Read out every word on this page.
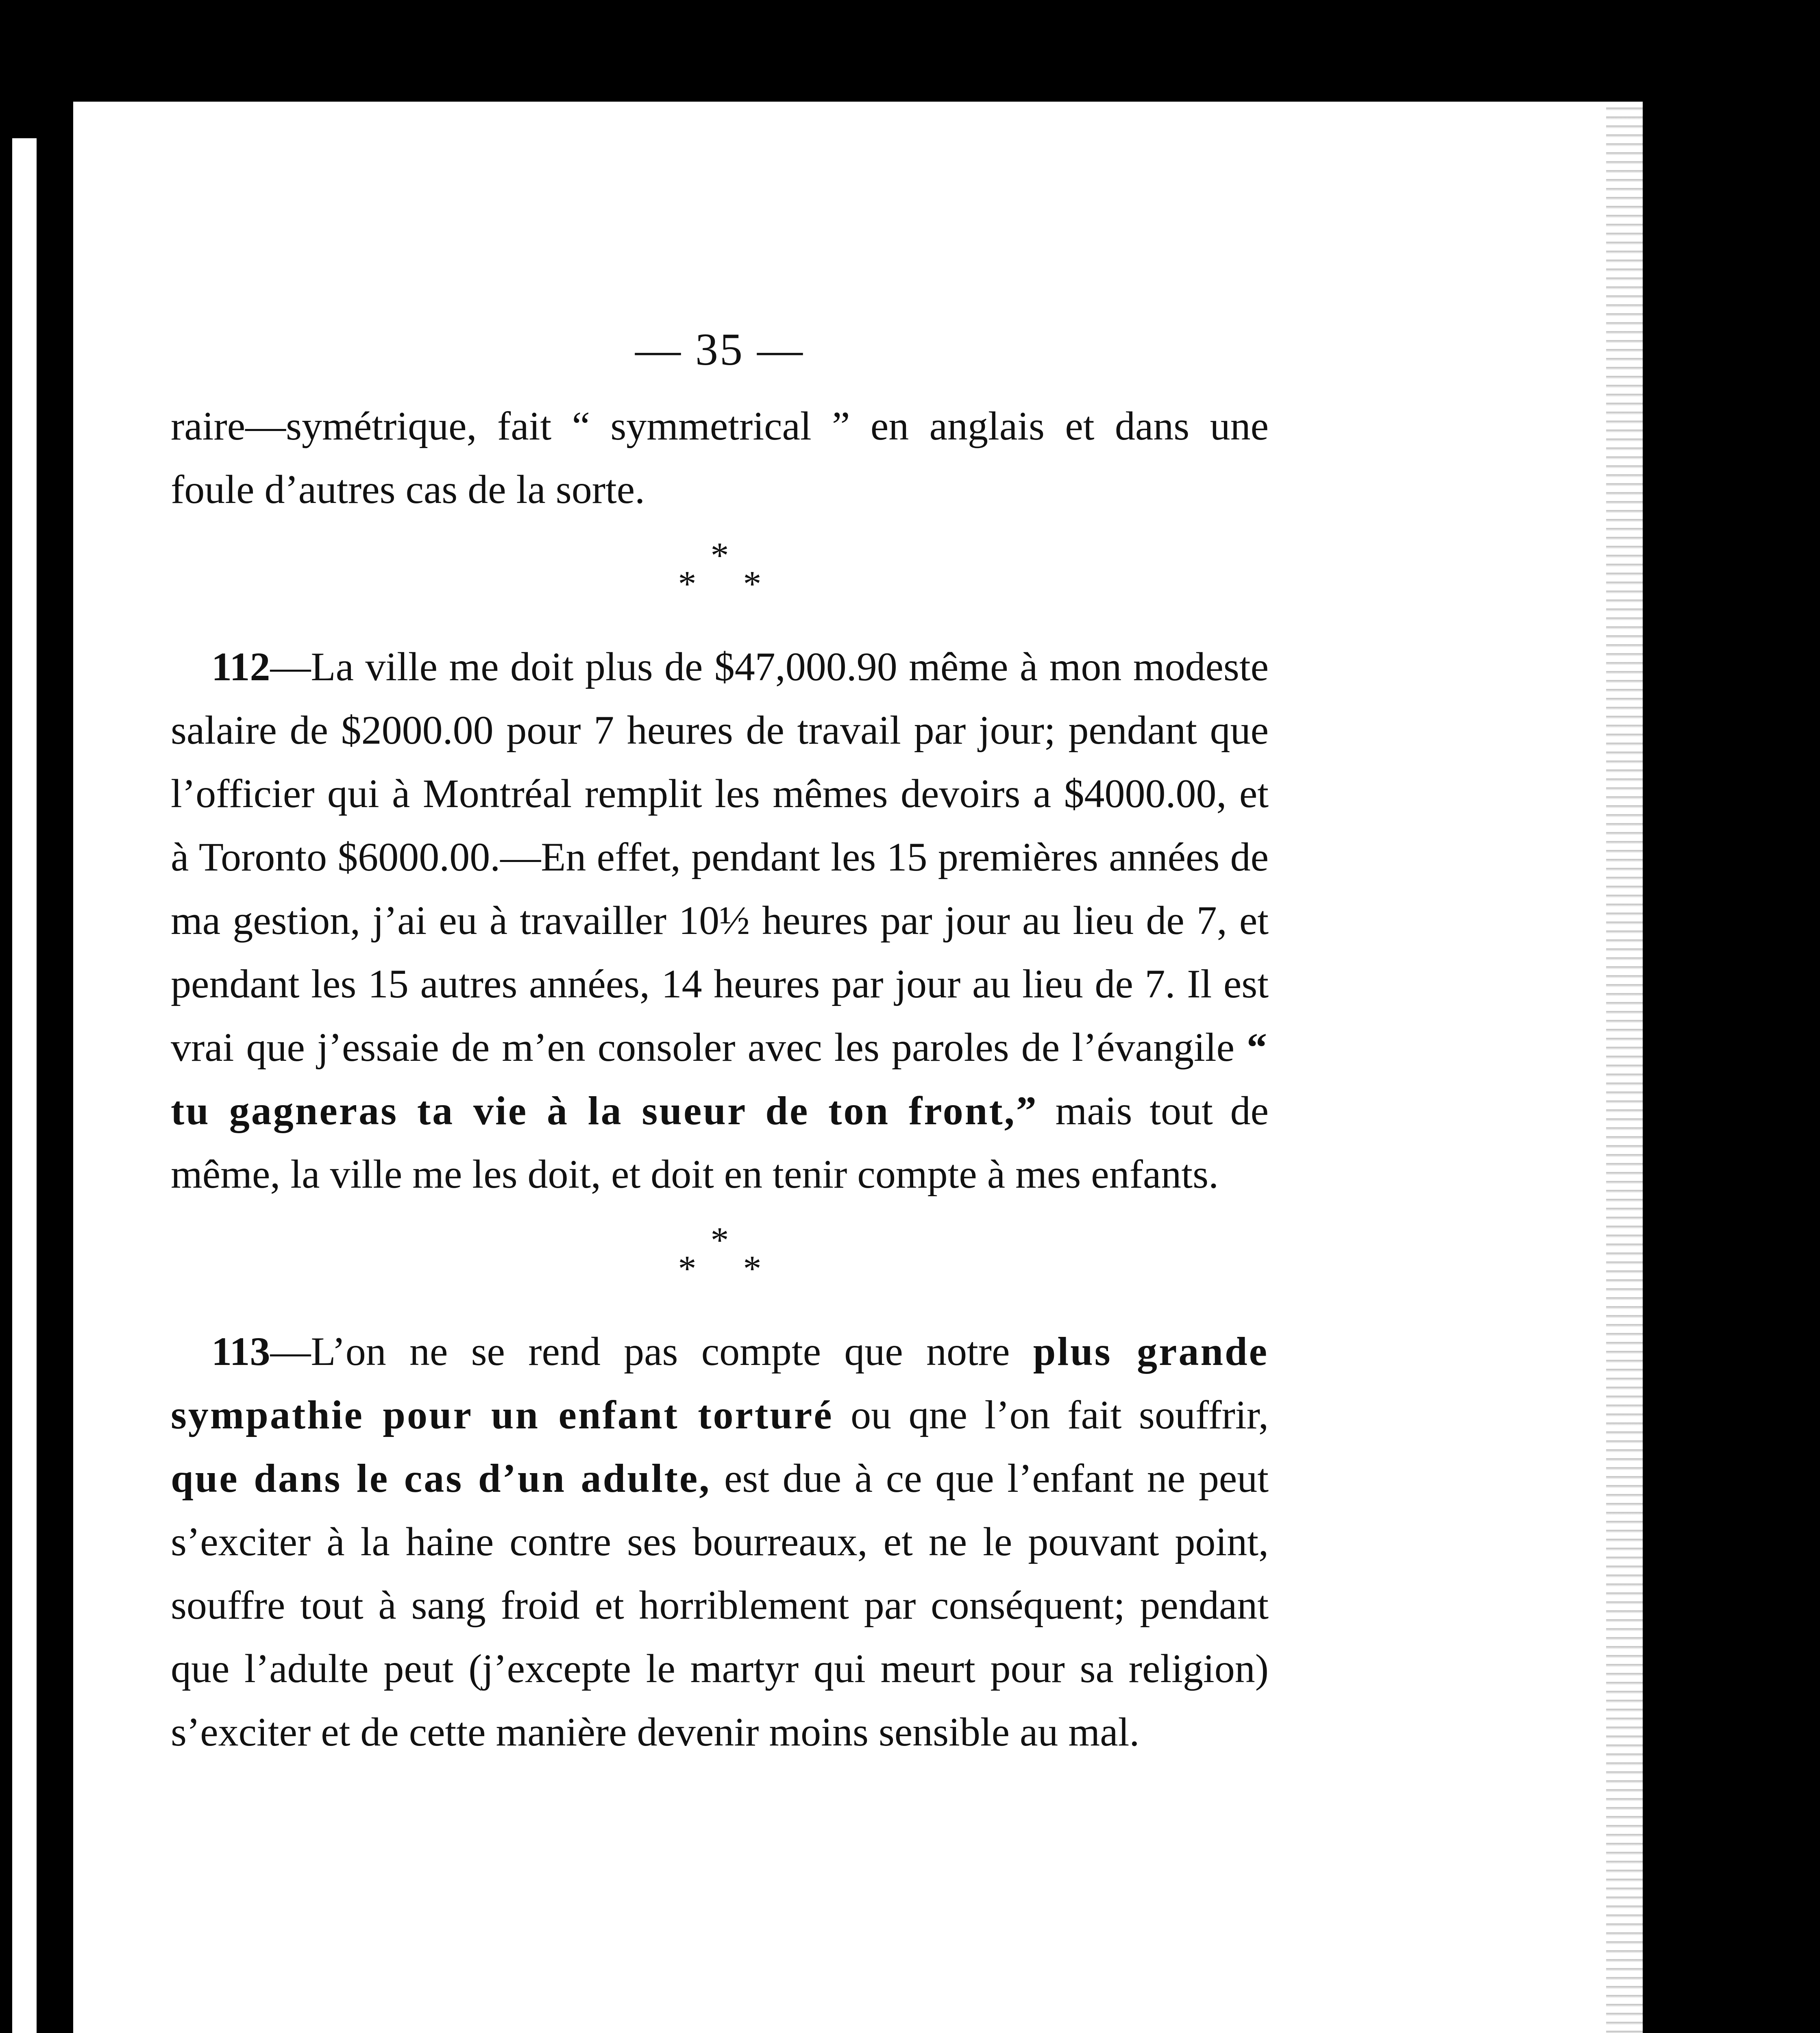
— 35 —

raire—symétrique, fait “ symmetrical ” en anglais et dans une foule d’autres cas de la sorte.

*
* *

112—La ville me doit plus de $47,000.90 même à mon modeste salaire de $2000.00 pour 7 heures de travail par jour; pendant que l’officier qui à Montréal remplit les mêmes devoirs a $4000.00, et à Toronto $6000.00.—En effet, pendant les 15 premières années de ma gestion, j’ai eu à travailler 10½ heures par jour au lieu de 7, et pendant les 15 autres années, 14 heures par jour au lieu de 7. Il est vrai que j’essaie de m’en consoler avec les paroles de l’évangile “ tu gagneras ta vie à la sueur de ton front,” mais tout de même, la ville me les doit, et doit en tenir compte à mes enfants.

*
* *

113—L’on ne se rend pas compte que notre plus grande sympathie pour un enfant torturé ou qne l’on fait souffrir, que dans le cas d’un adulte, est due à ce que l’enfant ne peut s’exciter à la haine contre ses bourreaux, et ne le pouvant point, souffre tout à sang froid et horriblement par conséquent; pendant que l’adulte peut (j’excepte le martyr qui meurt pour sa religion) s’exciter et de cette manière devenir moins sensible au mal.
